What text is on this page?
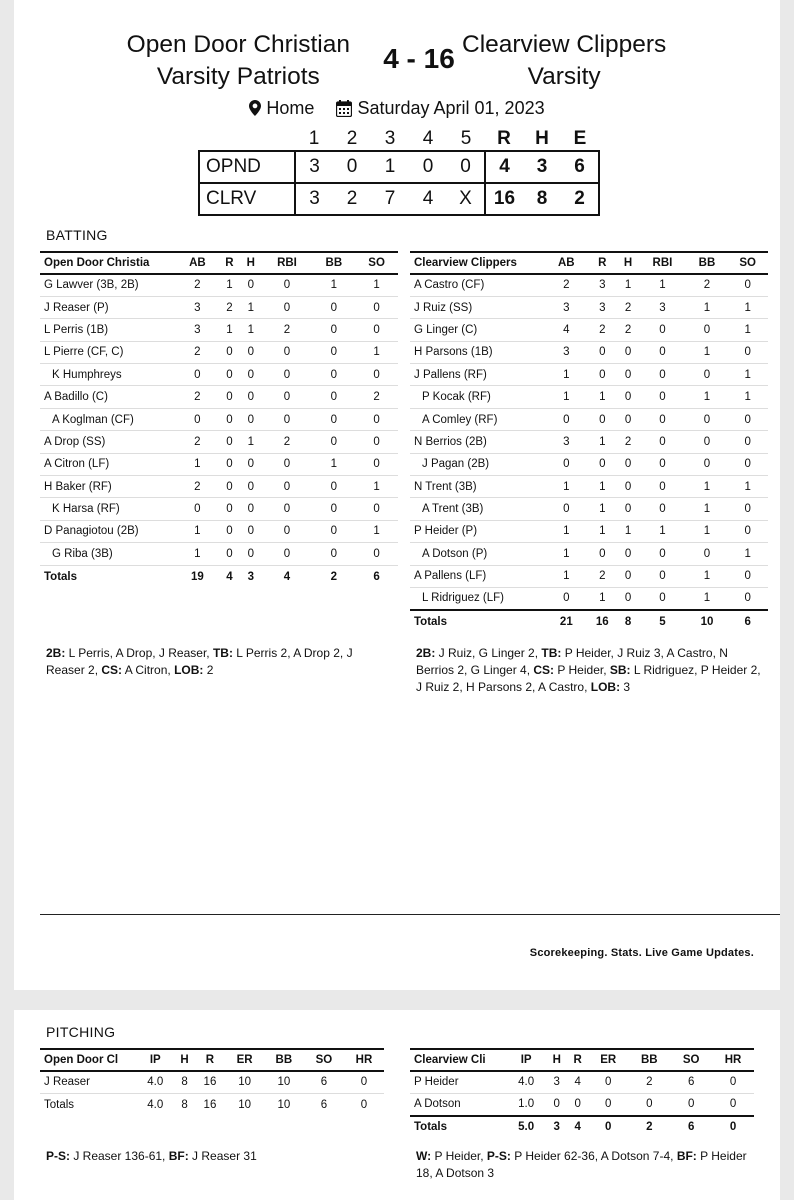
Open Door Christian
Varsity Patriots
4 - 16 Clearview Clippers
Varsity
Home Saturday April 01, 2023
	1	2	3	4	5	R	H	E
OPND	3	0	1	0	0	4	3	6
CLRV	3	2	7	4	X	16	8	2
BATTING
Open Door Christia	AB	R	H	RBI	BB	SO
G Lawver (3B, 2B)	2	1	0	0	1	1
J Reaser (P)	3	2	1	0	0	0
L Perris (1B)	3	1	1	2	0	0
L Pierre (CF, C)	2	0	0	0	0	1
K Humphreys	0	0	0	0	0	0
A Badillo (C)	2	0	0	0	0	2
A Koglman (CF)	0	0	0	0	0	0
A Drop (SS)	2	0	1	2	0	0
A Citron (LF)	1	0	0	0	1	0
H Baker (RF)	2	0	0	0	0	1
K Harsa (RF)	0	0	0	0	0	0
D Panagiotou (2B)	1	0	0	0	0	1
G Riba (3B)	1	0	0	0	0	0
Totals	19	4	3	4	2	6
Clearview Clippers	AB	R	H	RBI	BB	SO
A Castro (CF)	2	3	1	1	2	0
J Ruiz (SS)	3	3	2	3	1	1
G Linger (C)	4	2	2	0	0	1
H Parsons (1B)	3	0	0	0	1	0
J Pallens (RF)	1	0	0	0	0	1
P Kocak (RF)	1	1	0	0	1	1
A Comley (RF)	0	0	0	0	0	0
N Berrios (2B)	3	1	2	0	0	0
J Pagan (2B)	0	0	0	0	0	0
N Trent (3B)	1	1	0	0	1	1
A Trent (3B)	0	1	0	0	1	0
P Heider (P)	1	1	1	1	1	0
A Dotson (P)	1	0	0	0	0	1
A Pallens (LF)	1	2	0	0	1	0
L Ridriguez (LF)	0	1	0	0	1	0
Totals	21	16	8	5	10	6
2B: L Perris, A Drop, J Reaser, TB: L Perris 2, A Drop 2, J Reaser 2, CS: A Citron, LOB: 2
2B: J Ruiz, G Linger 2, TB: P Heider, J Ruiz 3, A Castro, N Berrios 2, G Linger 4, CS: P Heider, SB: L Ridriguez, P Heider 2, J Ruiz 2, H Parsons 2, A Castro, LOB: 3
Scorekeeping. Stats. Live Game Updates.
PITCHING
Open Door Cl	IP	H	R	ER	BB	SO	HR
J Reaser	4.0	8	16	10	10	6	0
Totals	4.0	8	16	10	10	6	0
Clearview Cli	IP	H	R	ER	BB	SO	HR
P Heider	4.0	3	4	0	2	6	0
A Dotson	1.0	0	0	0	0	0	0
Totals	5.0	3	4	0	2	6	0
P-S: J Reaser 136-61, BF: J Reaser 31	W: P Heider, P-S: P Heider 62-36, A Dotson 7-4, BF: P Heider 18, A Dotson 3
